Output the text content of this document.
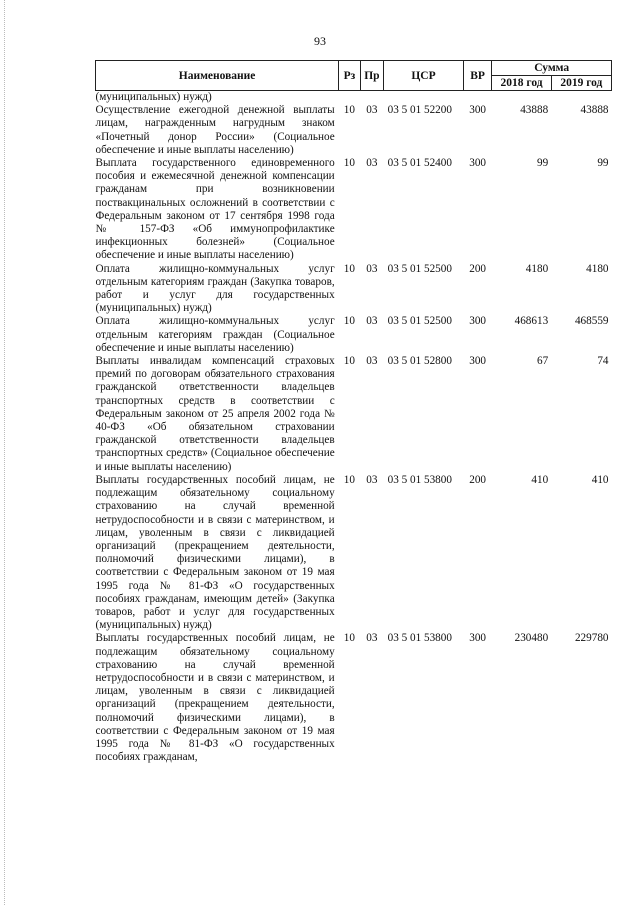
93
Наименование	Рз	Пр	ЦСР	ВР	Сумма	
					2018 год	2019 год
(муниципальных) нужд)						
Осуществление ежегодной денежной выплаты лицам, награжденным нагрудным знаком «Почетный донор России» (Социальное обеспечение и иные выплаты населению)	10	03	03 5 01 52200	300	43888	43888
Выплата государственного единовременного пособия и ежемесячной денежной компенсации гражданам при возникновении поствакцинальных осложнений в соответствии с Федеральным законом от 17 сентября 1998 года № 157-ФЗ «Об иммунопрофилактике инфекционных болезней» (Социальное обеспечение и иные выплаты населению)	10	03	03 5 01 52400	300	99	99
Оплата жилищно-коммунальных услуг отдельным категориям граждан (Закупка товаров, работ и услуг для государственных (муниципальных) нужд)	10	03	03 5 01 52500	200	4180	4180
Оплата жилищно-коммунальных услуг отдельным категориям граждан (Социальное обеспечение и иные выплаты населению)	10	03	03 5 01 52500	300	468613	468559
Выплаты инвалидам компенсаций страховых премий по договорам обязательного страхования гражданской ответственности владельцев транспортных средств в соответствии с Федеральным законом от 25 апреля 2002 года № 40-ФЗ «Об обязательном страховании гражданской ответственности владельцев транспортных средств» (Социальное обеспечение и иные выплаты населению)	10	03	03 5 01 52800	300	67	74
Выплаты государственных пособий лицам, не подлежащим обязательному социальному страхованию на случай временной нетрудоспособности и в связи с материнством, и лицам, уволенным в связи с ликвидацией организаций (прекращением деятельности, полномочий физическими лицами), в соответствии с Федеральным законом от 19 мая 1995 года № 81-ФЗ «О государственных пособиях гражданам, имеющим детей» (Закупка товаров, работ и услуг для государственных (муниципальных) нужд)	10	03	03 5 01 53800	200	410	410
Выплаты государственных пособий лицам, не подлежащим обязательному социальному страхованию на случай временной нетрудоспособности и в связи с материнством, и лицам, уволенным в связи с ликвидацией организаций (прекращением деятельности, полномочий физическими лицами), в соответствии с Федеральным законом от 19 мая 1995 года № 81-ФЗ «О государственных пособиях гражданам,	10	03	03 5 01 53800	300	230480	229780
